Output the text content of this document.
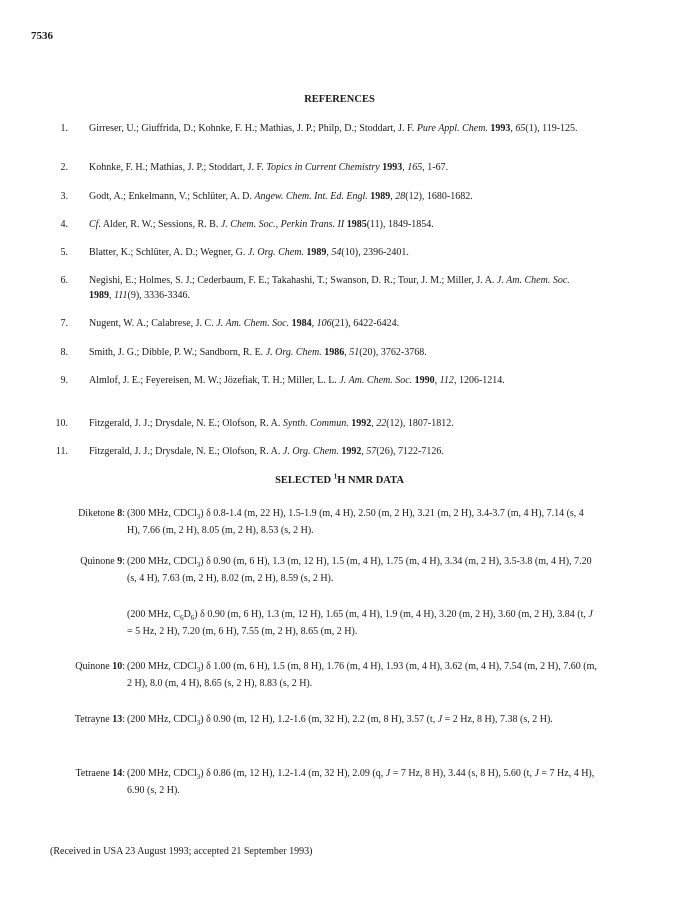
7536
REFERENCES
1. Girreser, U.; Giuffrida, D.; Kohnke, F. H.; Mathias, J. P.; Philp, D.; Stoddart, J. F. Pure Appl. Chem. 1993, 65(1), 119-125.
2. Kohnke, F. H.; Mathias, J. P.; Stoddart, J. F. Topics in Current Chemistry 1993, 165, 1-67.
3. Godt, A.; Enkelmann, V.; Schlüter, A. D. Angew. Chem. Int. Ed. Engl. 1989, 28(12), 1680-1682.
4. Cf. Alder, R. W.; Sessions, R. B. J. Chem. Soc., Perkin Trans. II 1985(11), 1849-1854.
5. Blatter, K.; Schlüter, A. D.; Wegner, G. J. Org. Chem. 1989, 54(10), 2396-2401.
6. Negishi, E.; Holmes, S. J.; Cederbaum, F. E.; Takahashi, T.; Swanson, D. R.; Tour, J. M.; Miller, J. A. J. Am. Chem. Soc. 1989, 111(9), 3336-3346.
7. Nugent, W. A.; Calabrese, J. C. J. Am. Chem. Soc. 1984, 106(21), 6422-6424.
8. Smith, J. G.; Dibble, P. W.; Sandborn, R. E. J. Org. Chem. 1986, 51(20), 3762-3768.
9. Almlof, J. E.; Feyereisen, M. W.; Jözefiak, T. H.; Miller, L. L. J. Am. Chem. Soc. 1990, 112, 1206-1214.
10. Fitzgerald, J. J.; Drysdale, N. E.; Olofson, R. A. Synth. Commun. 1992, 22(12), 1807-1812.
11. Fitzgerald, J. J.; Drysdale, N. E.; Olofson, R. A. J. Org. Chem. 1992, 57(26), 7122-7126.
SELECTED $^1$H NMR DATA
Diketone 8: (300 MHz, CDCl$_3$) δ 0.8-1.4 (m, 22 H), 1.5-1.9 (m, 4 H), 2.50 (m, 2 H), 3.21 (m, 2 H), 3.4-3.7 (m, 4 H), 7.14 (s, 4 H), 7.66 (m, 2 H), 8.05 (m, 2 H), 8.53 (s, 2 H).
Quinone 9: (200 MHz, CDCl$_3$) δ 0.90 (m, 6 H), 1.3 (m, 12 H), 1.5 (m, 4 H), 1.75 (m, 4 H), 3.34 (m, 2 H), 3.5-3.8 (m, 4 H), 7.20 (s, 4 H), 7.63 (m, 2 H), 8.02 (m, 2 H), 8.59 (s, 2 H).
(200 MHz, $C_6D_6$) δ 0.90 (m, 6 H), 1.3 (m, 12 H), 1.65 (m, 4 H), 1.9 (m, 4 H), 3.20 (m, 2 H), 3.60 (m, 2 H), 3.84 (t, J = 5 Hz, 2 H), 7.20 (m, 6 H), 7.55 (m, 2 H), 8.65 (m, 2 H).
Quinone 10: (200 MHz, CDCl$_3$) δ 1.00 (m, 6 H), 1.5 (m, 8 H), 1.76 (m, 4 H), 1.93 (m, 4 H), 3.62 (m, 4 H), 7.54 (m, 2 H), 7.60 (m, 2 H), 8.0 (m, 4 H), 8.65 (s, 2 H), 8.83 (s, 2 H).
Tetrayne 13: (200 MHz, CDCl$_3$) δ 0.90 (m, 12 H), 1.2-1.6 (m, 32 H), 2.2 (m, 8 H), 3.57 (t, J = 2 Hz, 8 H), 7.38 (s, 2 H).
Tetraene 14: (200 MHz, CDCl$_3$) δ 0.86 (m, 12 H), 1.2-1.4 (m, 32 H), 2.09 (q, J = 7 Hz, 8 H), 3.44 (s, 8 H), 5.60 (t, J = 7 Hz, 4 H), 6.90 (s, 2 H).
(Received in USA 23 August 1993; accepted 21 September 1993)
